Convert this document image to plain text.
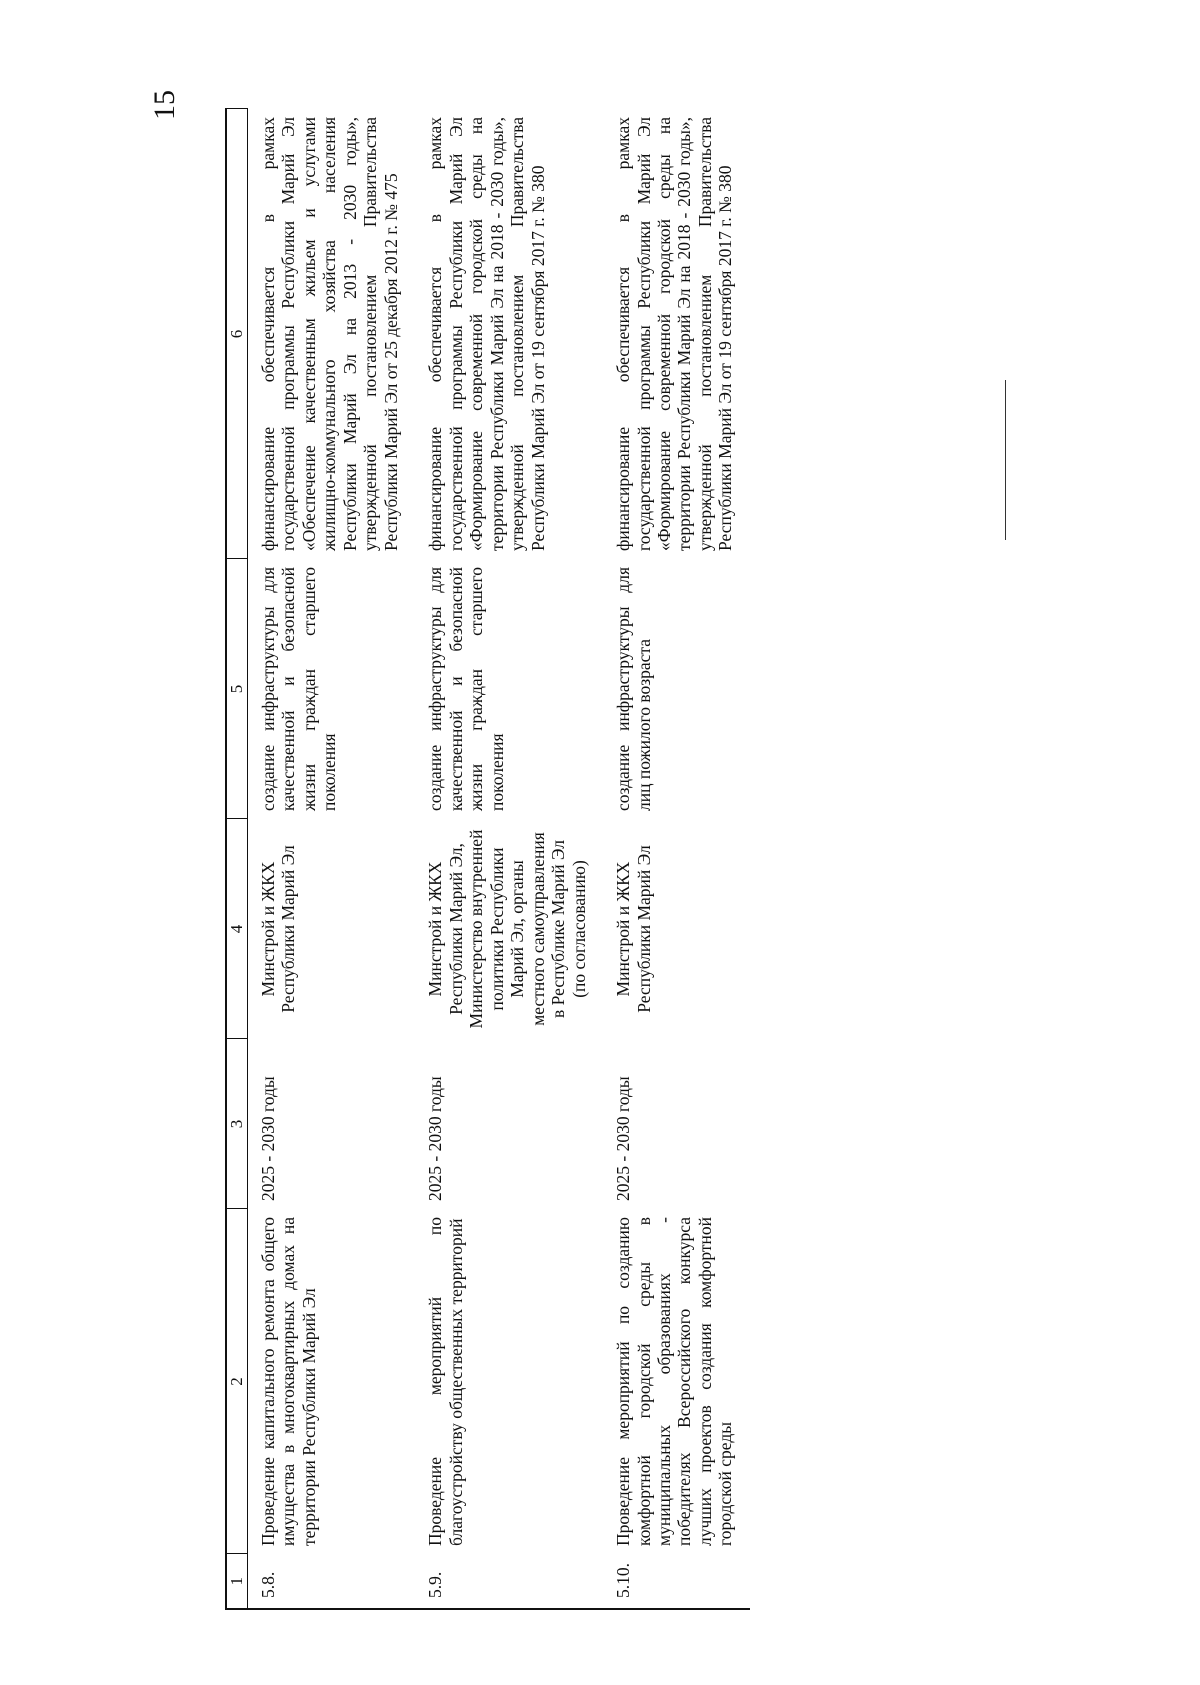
15
1	2	3	4	5	6
5.8.	Проведение капитального ремонта общего имущества в многоквартирных домах на территории Республики Марий Эл	2025 - 2030 годы	Минстрой и ЖКХ Республики Марий Эл	создание инфраструктуры для качественной и безопасной жизни граждан старшего поколения	финансирование обеспечивается в рамках государственной программы Республики Марий Эл «Обеспечение качественным жильем и услугами жилищно-коммунального хозяйства населения Республики Марий Эл на 2013 - 2030 годы», утвержденной постановлением Правительства Республики Марий Эл от 25 декабря 2012 г. № 475
5.9.	Проведение мероприятий по благоустройству общественных территорий	2025 - 2030 годы	Минстрой и ЖКХ Республики Марий Эл, Министерство внутренней политики Республики Марий Эл, органы местного самоуправления в Республике Марий Эл (по согласованию)	создание инфраструктуры для качественной и безопасной жизни граждан старшего поколения	финансирование обеспечивается в рамках государственной программы Республики Марий Эл «Формирование современной городской среды на территории Республики Марий Эл на 2018 - 2030 годы», утвержденной постановлением Правительства Республики Марий Эл от 19 сентября 2017 г. № 380
5.10.	Проведение мероприятий по созданию комфортной городской среды в муниципальных образованиях - победителях Всероссийского конкурса лучших проектов создания комфортной городской среды	2025 - 2030 годы	Минстрой и ЖКХ Республики Марий Эл	создание инфраструктуры для лиц пожилого возраста	финансирование обеспечивается в рамках государственной программы Республики Марий Эл «Формирование современной городской среды на территории Республики Марий Эл на 2018 - 2030 годы», утвержденной постановлением Правительства Республики Марий Эл от 19 сентября 2017 г. № 380
